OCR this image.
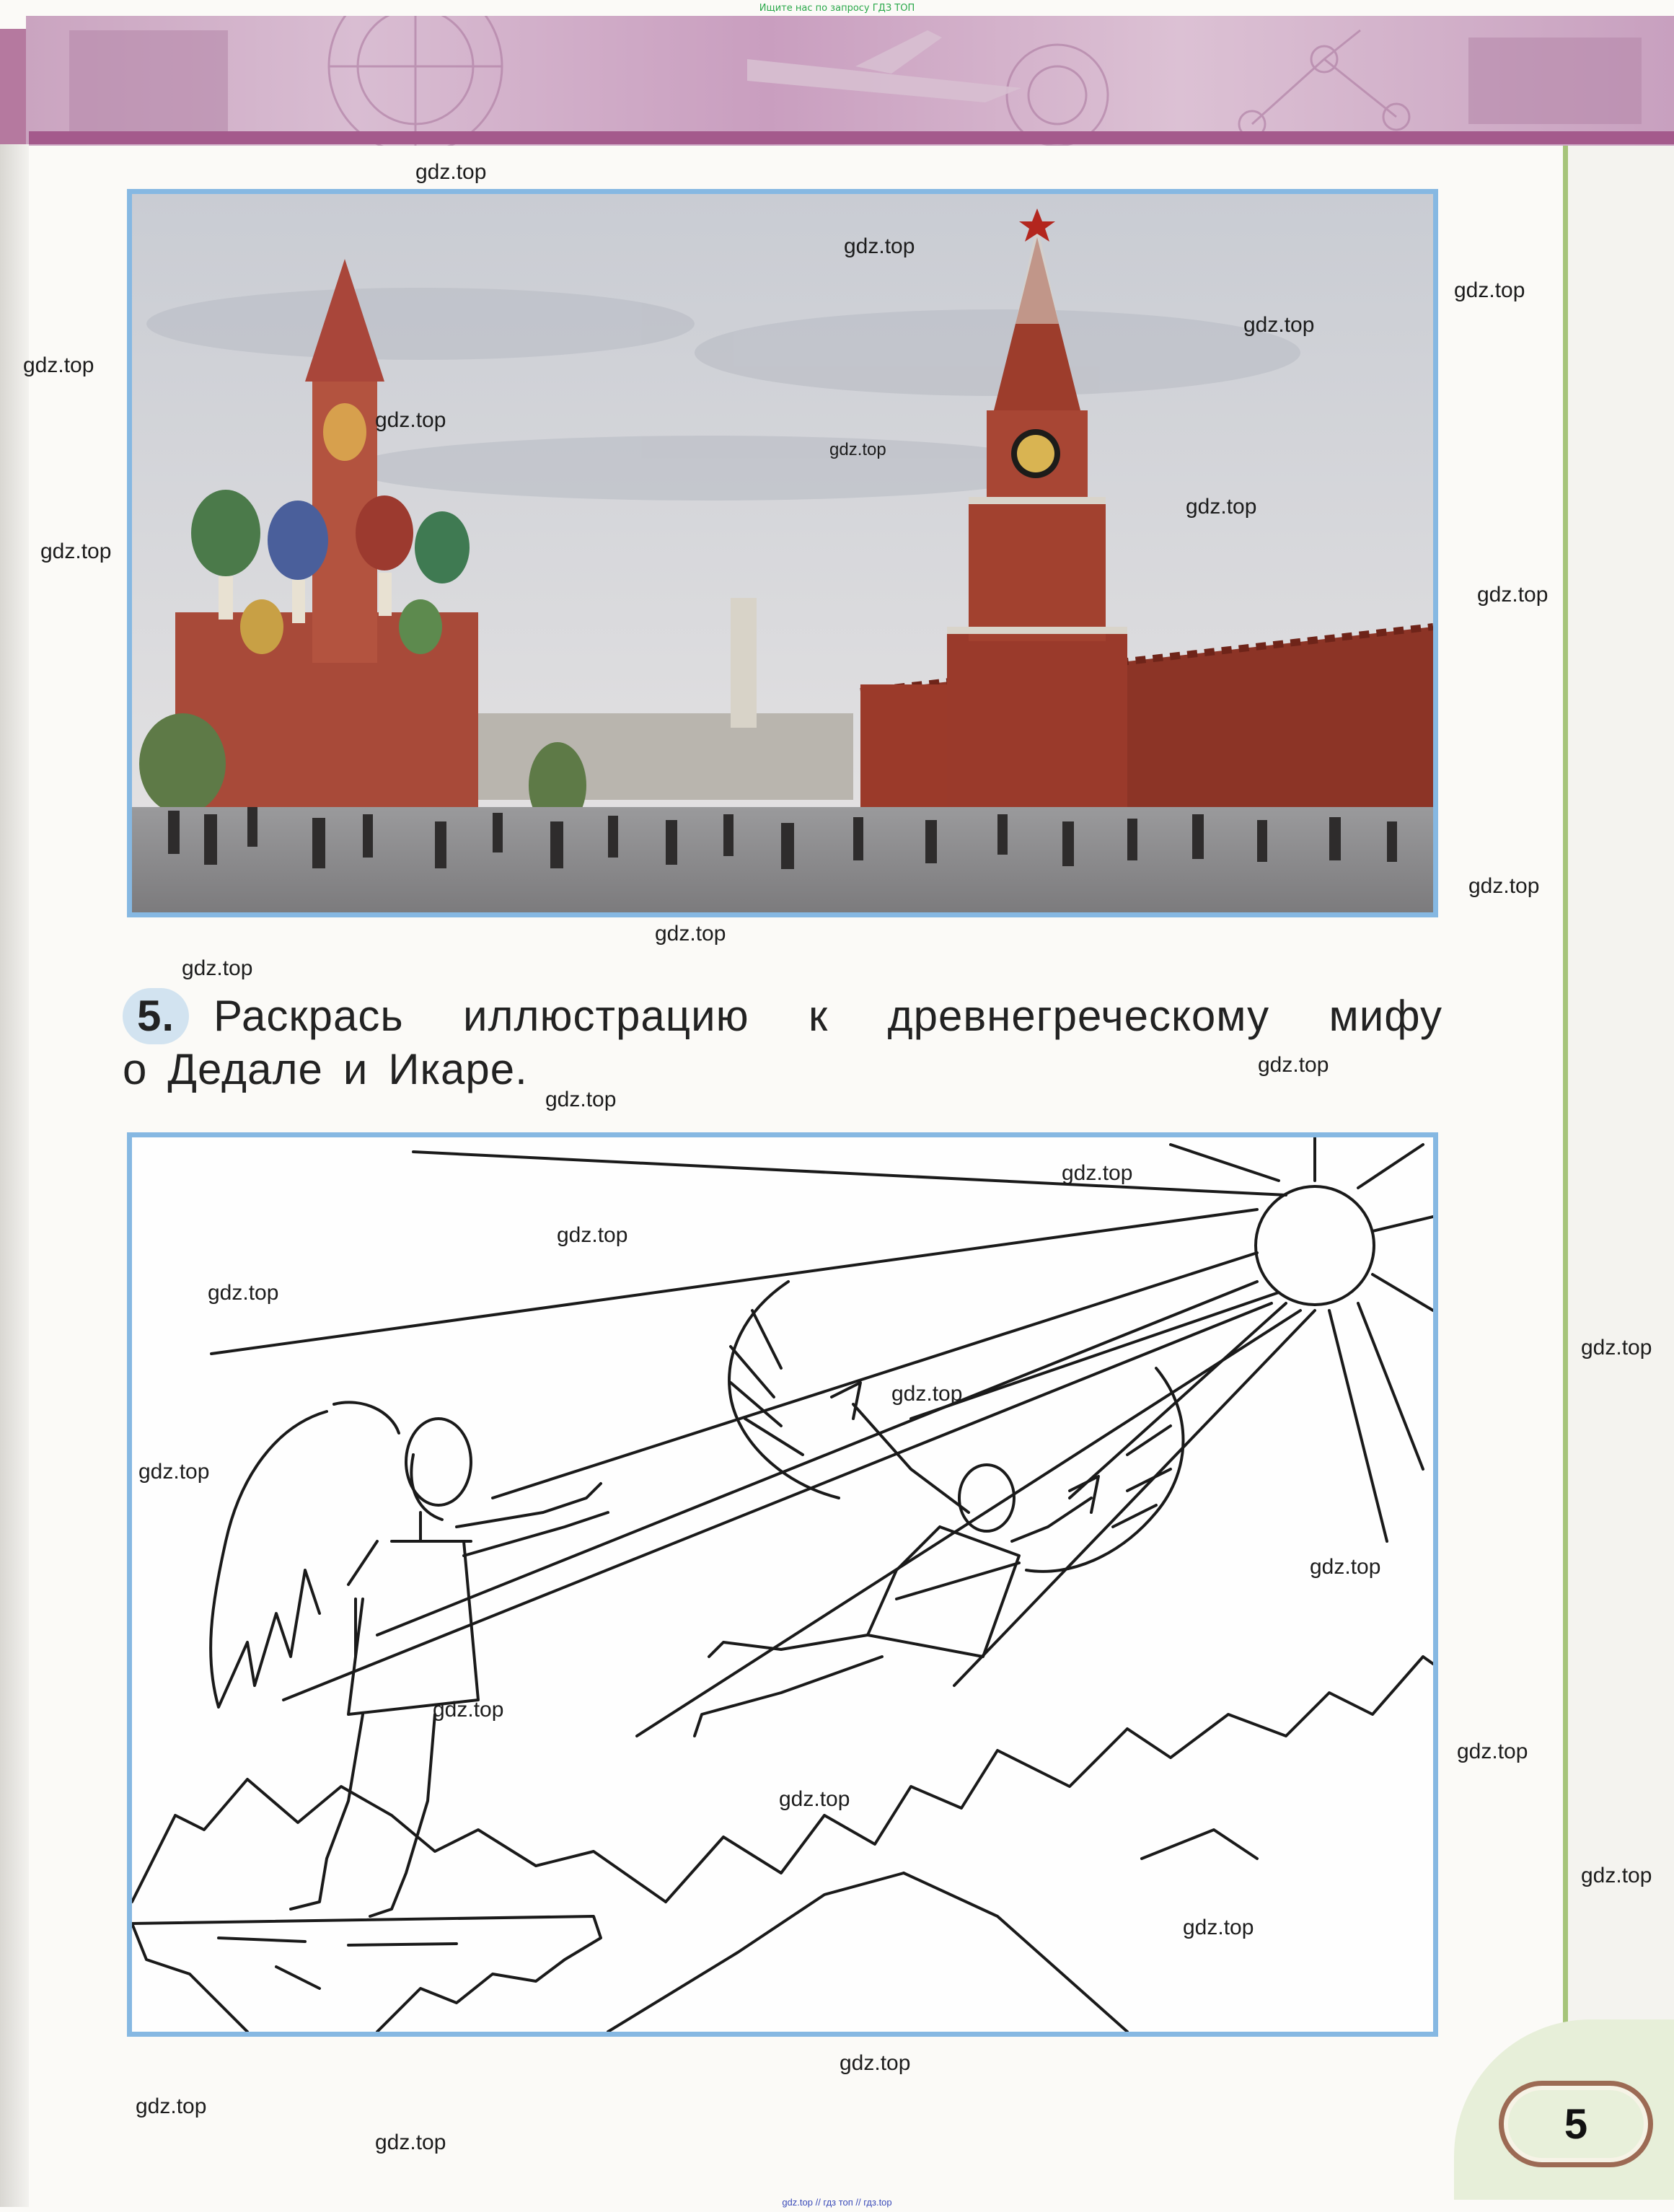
Ищите нас по запросу ГДЗ ТОП
5
5. Раскрась иллюстрацию к древнегреческому мифу
о Дедале и Икаре.
gdz.top
gdz.top
gdz.top
gdz.top
gdz.top
gdz.top
gdz.top
gdz.top
gdz.top
gdz.top
gdz.top
gdz.top
gdz.top
gdz.top
gdz.top
gdz.top
gdz.top
gdz.top
gdz.top
gdz.top
gdz.top
gdz.top
gdz.top
gdz.top
gdz.top
gdz.top
gdz.top
gdz.top
gdz.top
gdz.top
gdz.top // гдз топ // гдз.top
